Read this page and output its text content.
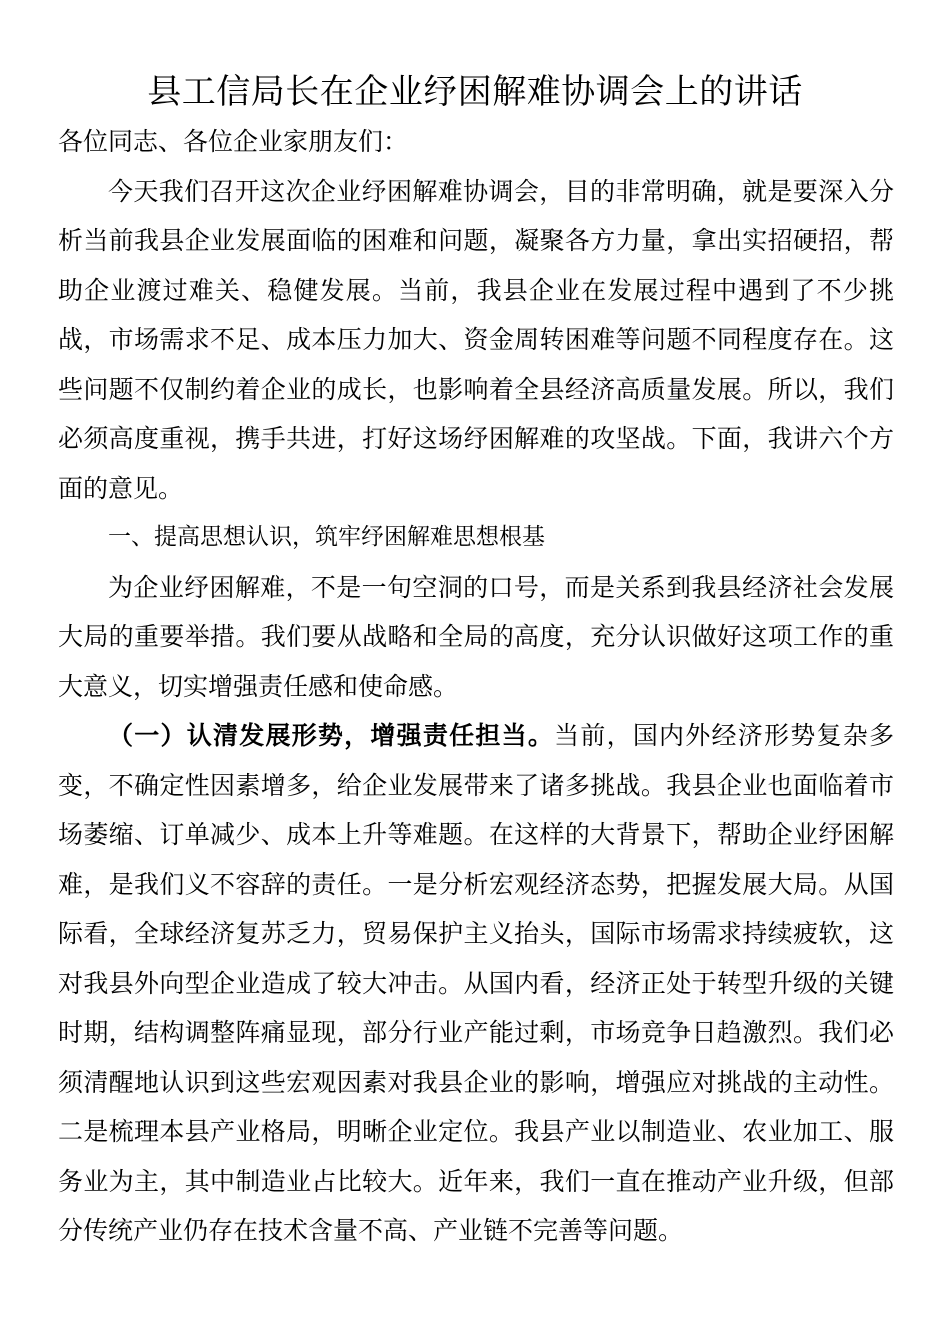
县工信局长在企业纾困解难协调会上的讲话

各位同志、各位企业家朋友们：

今天我们召开这次企业纾困解难协调会，目的非常明确，就是要深入分析当前我县企业发展面临的困难和问题，凝聚各方力量，拿出实招硬招，帮助企业渡过难关、稳健发展。当前，我县企业在发展过程中遇到了不少挑战，市场需求不足、成本压力加大、资金周转困难等问题不同程度存在。这些问题不仅制约着企业的成长，也影响着全县经济高质量发展。所以，我们必须高度重视，携手共进，打好这场纾困解难的攻坚战。下面，我讲六个方面的意见。

一、提高思想认识，筑牢纾困解难思想根基

为企业纾困解难，不是一句空洞的口号，而是关系到我县经济社会发展大局的重要举措。我们要从战略和全局的高度，充分认识做好这项工作的重大意义，切实增强责任感和使命感。

（一）认清发展形势，增强责任担当。当前，国内外经济形势复杂多变，不确定性因素增多，给企业发展带来了诸多挑战。我县企业也面临着市场萎缩、订单减少、成本上升等难题。在这样的大背景下，帮助企业纾困解难，是我们义不容辞的责任。一是分析宏观经济态势，把握发展大局。从国际看，全球经济复苏乏力，贸易保护主义抬头，国际市场需求持续疲软，这对我县外向型企业造成了较大冲击。从国内看，经济正处于转型升级的关键时期，结构调整阵痛显现，部分行业产能过剩，市场竞争日趋激烈。我们必须清醒地认识到这些宏观因素对我县企业的影响，增强应对挑战的主动性。二是梳理本县产业格局，明晰企业定位。我县产业以制造业、农业加工、服务业为主，其中制造业占比较大。近年来，我们一直在推动产业升级，但部分传统产业仍存在技术含量不高、产业链不完善等问题。
